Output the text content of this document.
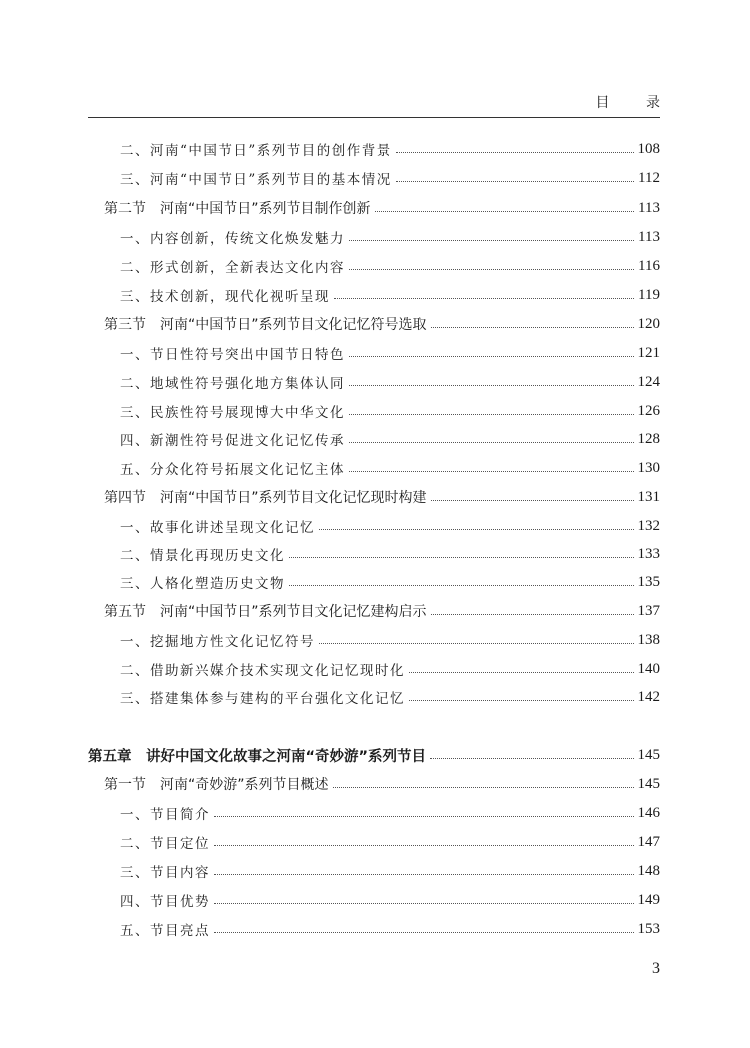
目 录
二、河南“中国节日”系列节目的创作背景	108
三、河南“中国节日”系列节目的基本情况	112
第二节　河南“中国节日”系列节目制作创新	113
一、内容创新，传统文化焕发魅力	113
二、形式创新，全新表达文化内容	116
三、技术创新，现代化视听呈现	119
第三节　河南“中国节日”系列节目文化记忆符号选取	120
一、节日性符号突出中国节日特色	121
二、地域性符号强化地方集体认同	124
三、民族性符号展现博大中华文化	126
四、新潮性符号促进文化记忆传承	128
五、分众化符号拓展文化记忆主体	130
第四节　河南“中国节日”系列节目文化记忆现时构建	131
一、故事化讲述呈现文化记忆	132
二、情景化再现历史文化	133
三、人格化塑造历史文物	135
第五节　河南“中国节日”系列节目文化记忆建构启示	137
一、挖掘地方性文化记忆符号	138
二、借助新兴媒介技术实现文化记忆现时化	140
三、搭建集体参与建构的平台强化文化记忆	142
第五章　讲好中国文化故事之河南“奇妙游”系列节目	145
第一节　河南“奇妙游”系列节目概述	145
一、节目简介	146
二、节目定位	147
三、节目内容	148
四、节目优势	149
五、节目亮点	153
3
